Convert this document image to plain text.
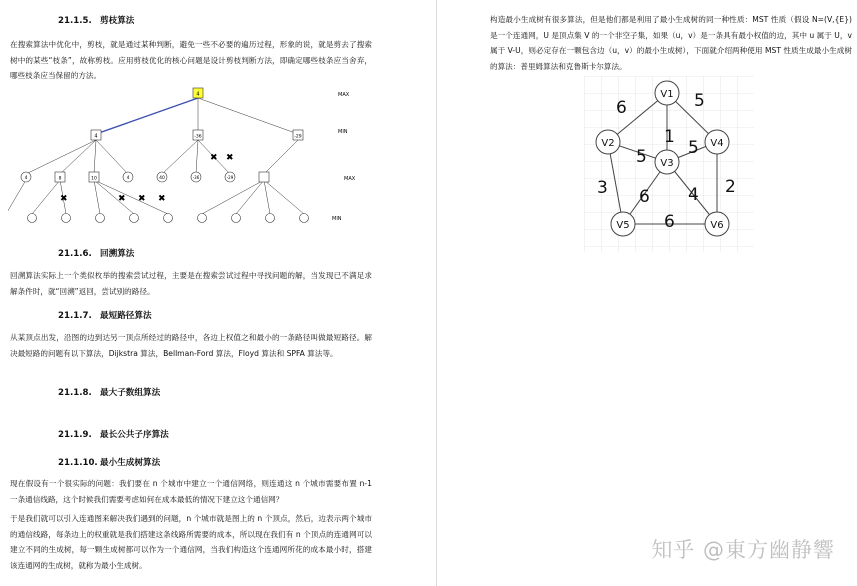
21.1.5. 剪枝算法
在搜索算法中优化中，剪枝，就是通过某种判断，避免一些不必要的遍历过程，形象的说，就是剪去了搜索树中的某些“枝条”，故称剪枝。应用剪枝优化的核心问题是设计剪枝判断方法，即确定哪些枝条应当舍弃，哪些枝条应当保留的方法。
MAX
MIN
MAX
MIN
4
4	-36	-29
4	8	10	4	40	-36	-29
✖ ✖
✖	✖ ✖ ✖
21.1.6. 回溯算法
回溯算法实际上一个类似枚举的搜索尝试过程，主要是在搜索尝试过程中寻找问题的解，当发现已不满足求解条件时，就“回溯”返回，尝试别的路径。
21.1.7. 最短路径算法
从某顶点出发，沿图的边到达另一顶点所经过的路径中，各边上权值之和最小的一条路径叫做最短路径。解决最短路的问题有以下算法，Dijkstra 算法，Bellman-Ford 算法，Floyd 算法和 SPFA 算法等。
21.1.8. 最大子数组算法
21.1.9. 最长公共子序算法
21.1.10. 最小生成树算法
现在假设有一个很实际的问题：我们要在 n 个城市中建立一个通信网络，则连通这 n 个城市需要布置 n-1 一条通信线路，这个时候我们需要考虑如何在成本最低的情况下建立这个通信网？
于是我们就可以引入连通图来解决我们遇到的问题，n 个城市就是图上的 n 个顶点，然后，边表示两个城市的通信线路，每条边上的权重就是我们搭建这条线路所需要的成本，所以现在我们有 n 个顶点的连通网可以建立不同的生成树，每一颗生成树都可以作为一个通信网，当我们构造这个连通网所花的成本最小时，搭建该连通网的生成树，就称为最小生成树。
构造最小生成树有很多算法，但是他们都是利用了最小生成树的同一种性质：MST 性质（假设 N=(V,{E})是一个连通网，U 是顶点集 V 的一个非空子集，如果（u，v）是一条具有最小权值的边，其中 u 属于 U，v 属于 V-U，则必定存在一颗包含边（u，v）的最小生成树），下面就介绍两种使用 MST 性质生成最小生成树的算法：普里姆算法和克鲁斯卡尔算法。
6	5
1
5 5
3 6 4 2
6
V1
V2
V3
V4
V5	V6
知乎 @東方幽静響
